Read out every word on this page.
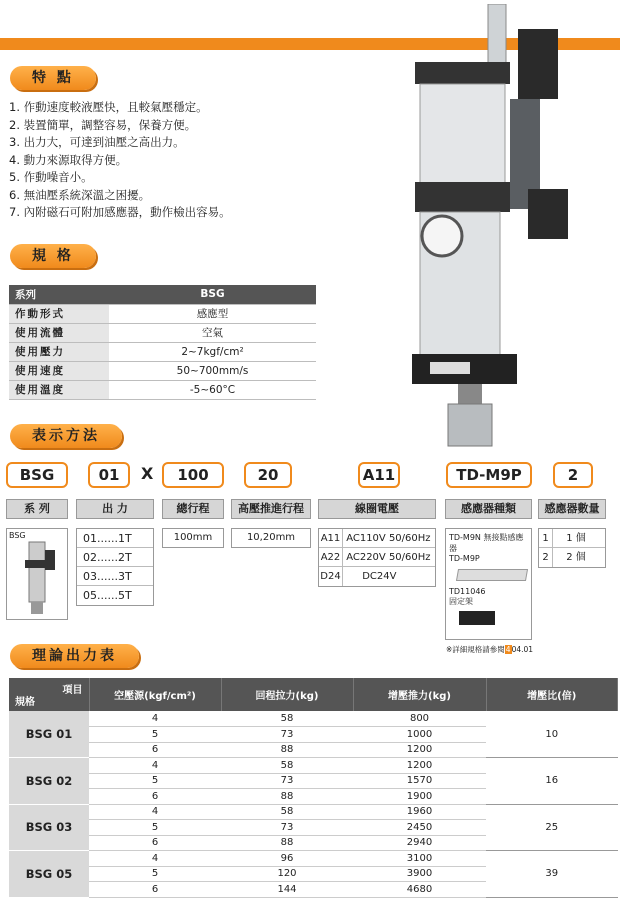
特 點
1. 作動速度較液壓快，且較氣壓穩定。
2. 裝置簡單，調整容易，保養方便。
3. 出力大，可達到油壓之高出力。
4. 動力來源取得方便。
5. 作動噪音小。
6. 無油壓系統深溫之困擾。
7. 內附磁石可附加感應器，動作檢出容易。
規 格
系列	BSG
作動形式	感應型
使用流體	空氣
使用壓力	2~7kgf/cm²
使用速度	50~700mm/s
使用溫度	-5~60°C
表示方法
BSG	01	X	100	20	A11	TD-M9P	2
系 列	出 力	總行程	高壓推進行程	線圈電壓	感應器種類	感應器數量
BSG	01......1T
02......2T
03......3T
05......5T
100mm	10,20mm	A11 AC110V 50/60Hz
A22 AC220V 50/60Hz
D24 DC24V
TD-M9N 無接點感應器
TD-M9P
TD11046
固定架
1 1 個
2 2 個
※詳細規格請參閱404.01
理論出力表
項目
規格	空壓源(kgf/cm²)	回程拉力(kg)	增壓推力(kg)	增壓比(倍)
BSG 01	4	58	800	10
	5	73	1000	
	6	88	1200	
BSG 02	4	58	1200	16
	5	73	1570	
	6	88	1900	
BSG 03	4	58	1960	25
	5	73	2450	
	6	88	2940	
BSG 05	4	96	3100	39
	5	120	3900	
	6	144	4680	
